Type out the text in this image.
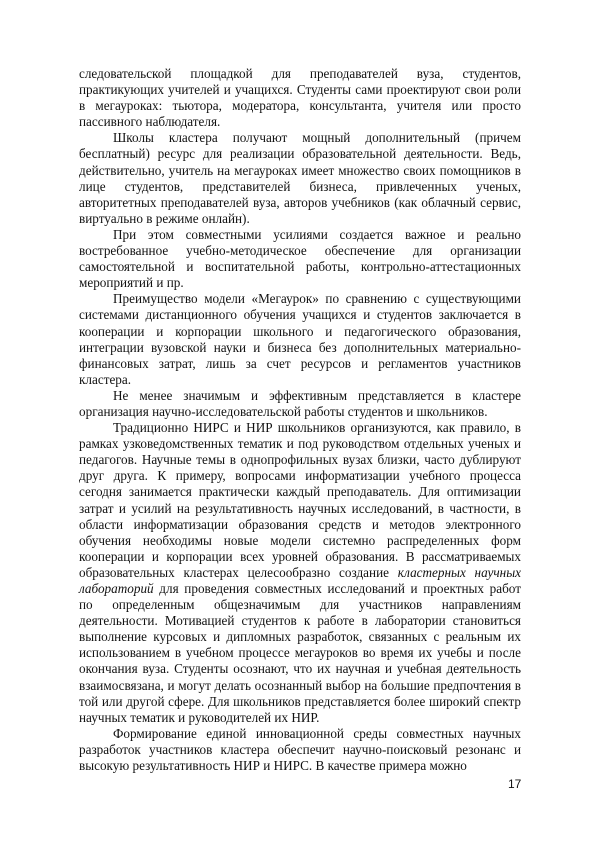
следовательской площадкой для преподавателей вуза, студентов, практикующих учителей и учащихся. Студенты сами проектируют свои роли в мегауроках: тьютора, модератора, консультанта, учителя или просто пассивного наблюдателя.

Школы кластера получают мощный дополнительный (причем бесплатный) ресурс для реализации образовательной деятельности. Ведь, действительно, учитель на мегауроках имеет множество своих помощников в лице студентов, представителей бизнеса, привлеченных ученых, авторитетных преподавателей вуза, авторов учебников (как облачный сервис, виртуально в режиме онлайн).

При этом совместными усилиями создается важное и реально востребованное учебно-методическое обеспечение для организации самостоятельной и воспитательной работы, контрольно-аттестационных мероприятий и пр.

Преимущество модели «Мегаурок» по сравнению с существующими системами дистанционного обучения учащихся и студентов заключается в кооперации и корпорации школьного и педагогического образования, интеграции вузовской науки и бизнеса без дополнительных материально-финансовых затрат, лишь за счет ресурсов и регламентов участников кластера.

Не менее значимым и эффективным представляется в кластере организация научно-исследовательской работы студентов и школьников.

Традиционно НИРС и НИР школьников организуются, как правило, в рамках узковедомственных тематик и под руководством отдельных ученых и педагогов. Научные темы в однопрофильных вузах близки, часто дублируют друг друга. К примеру, вопросами информатизации учебного процесса сегодня занимается практически каждый преподаватель. Для оптимизации затрат и усилий на результативность научных исследований, в частности, в области информатизации образования средств и методов электронного обучения необходимы новые модели системно распределенных форм кооперации и корпорации всех уровней образования. В рассматриваемых образовательных кластерах целесообразно создание кластерных научных лабораторий для проведения совместных исследований и проектных работ по определенным общезначимым для участников направлениям деятельности. Мотивацией студентов к работе в лаборатории становиться выполнение курсовых и дипломных разработок, связанных с реальным их использованием в учебном процессе мегауроков во время их учебы и после окончания вуза. Студенты осознают, что их научная и учебная деятельность взаимосвязана, и могут делать осознанный выбор на большие предпочтения в той или другой сфере. Для школьников представляется более широкий спектр научных тематик и руководителей их НИР.

Формирование единой инновационной среды совместных научных разработок участников кластера обеспечит научно-поисковый резонанс и высокую результативность НИР и НИРС. В качестве примера можно

17
